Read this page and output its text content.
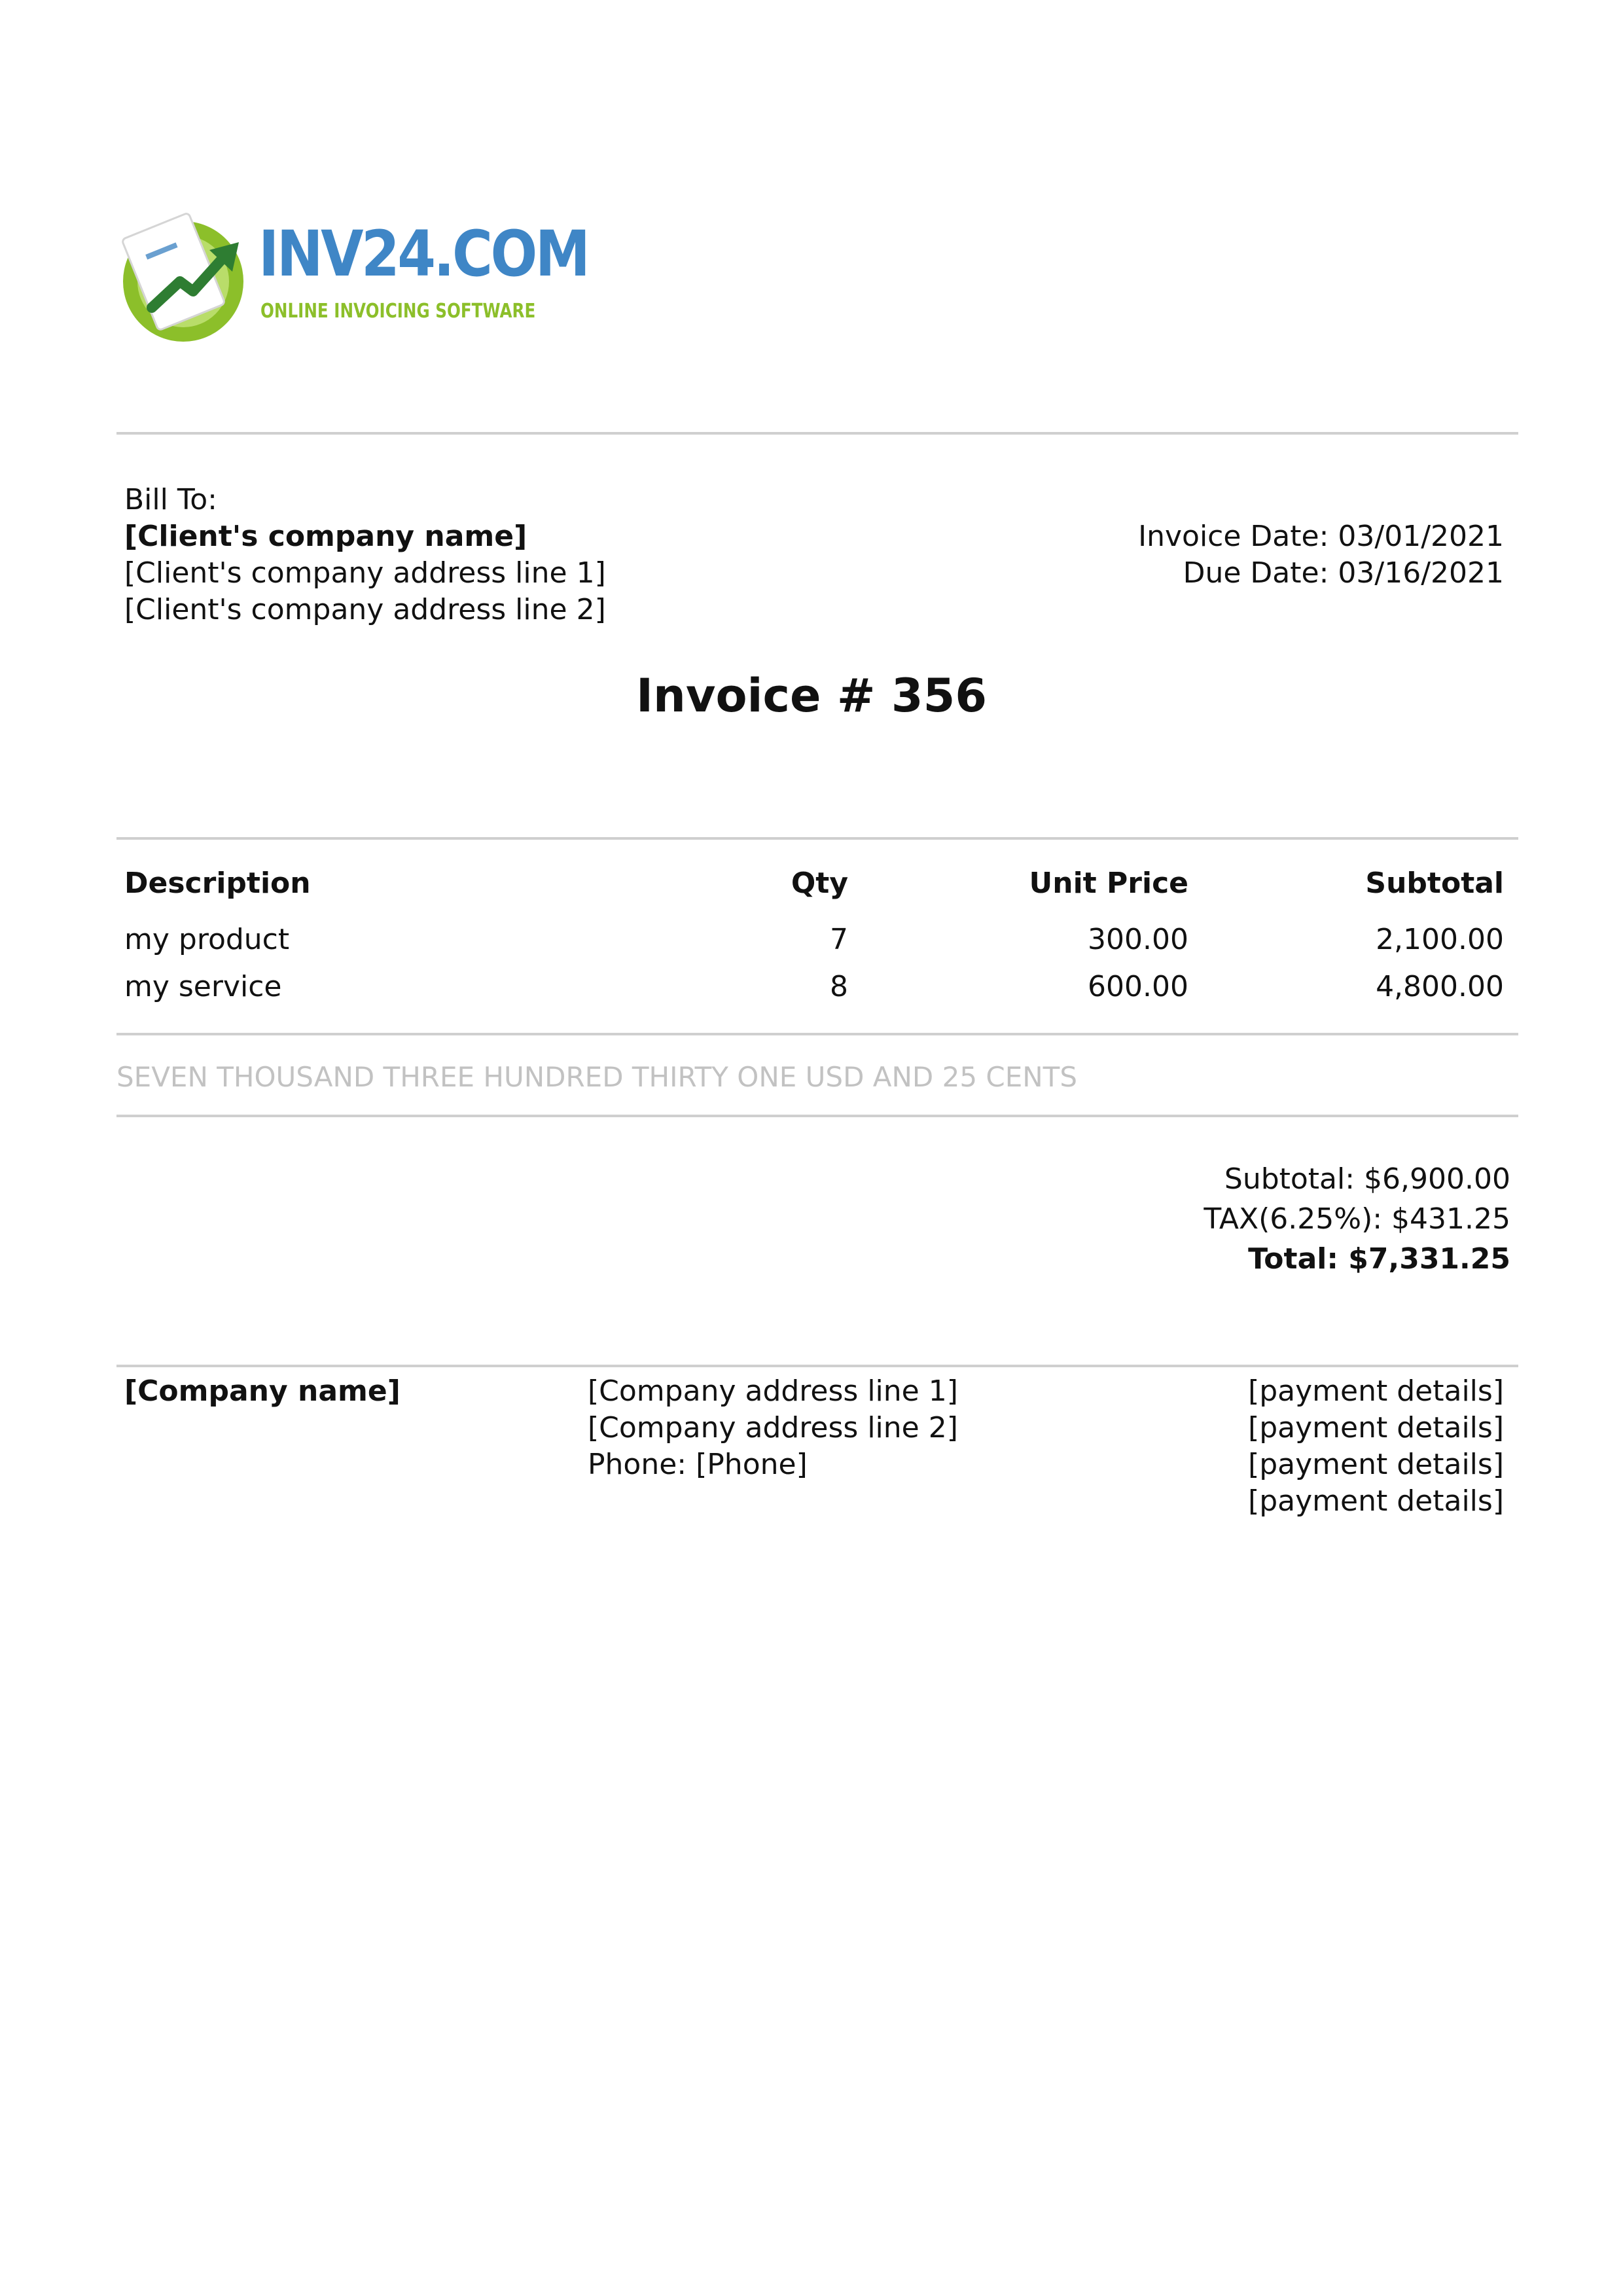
INV24.COM
ONLINE INVOICING SOFTWARE
Bill To:
[Client's company name]
[Client's company address line 1]
[Client's company address line 2]
Invoice Date: 03/01/2021
Due Date: 03/16/2021
Invoice # 356
Description	Qty	Unit Price	Subtotal
my product	7	300.00	2,100.00
my service	8	600.00	4,800.00
SEVEN THOUSAND THREE HUNDRED THIRTY ONE USD AND 25 CENTS
Subtotal: $6,900.00
TAX(6.25%): $431.25
Total: $7,331.25
[Company name]	[Company address line 1]
[Company address line 2]
Phone: [Phone]
[payment details]
[payment details]
[payment details]
[payment details]
